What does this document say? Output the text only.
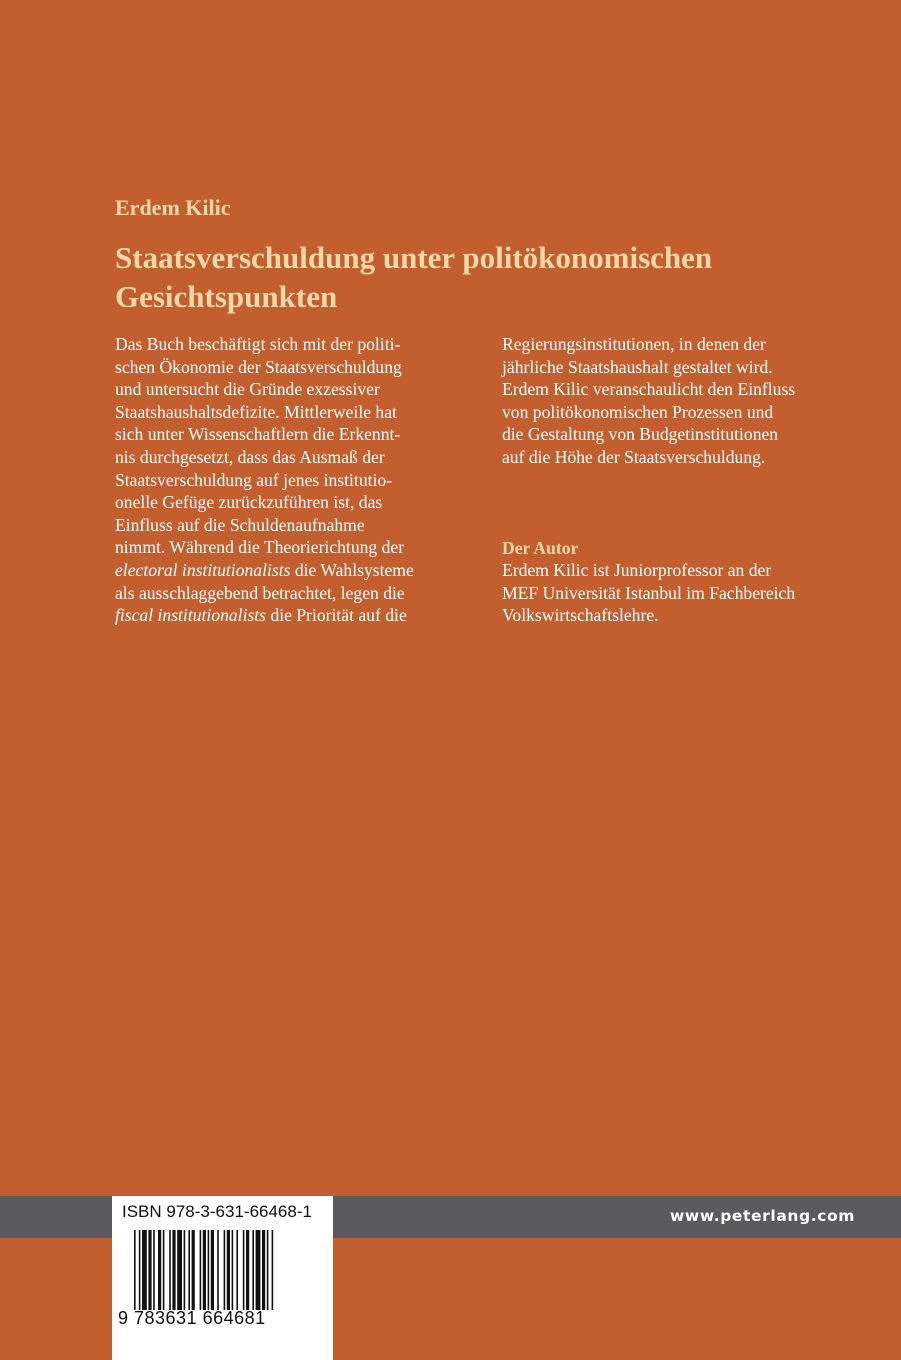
Erdem Kilic
Staatsverschuldung unter politökonomischen
Gesichtspunkten
Das Buch beschäftigt sich mit der politi-
schen Ökonomie der Staatsverschuldung
und untersucht die Gründe exzessiver
Staatshaushaltsdefizite. Mittlerweile hat
sich unter Wissenschaftlern die Erkennt-
nis durchgesetzt, dass das Ausmaß der
Staatsverschuldung auf jenes institutio-
onelle Gefüge zurückzuführen ist, das
Einfluss auf die Schuldenaufnahme
nimmt. Während die Theorierichtung der
electoral institutionalists die Wahlsysteme
als ausschlaggebend betrachtet, legen die
fiscal institutionalists die Priorität auf die
Regierungsinstitutionen, in denen der
jährliche Staatshaushalt gestaltet wird.
Erdem Kilic veranschaulicht den Einfluss
von politökonomischen Prozessen und
die Gestaltung von Budgetinstitutionen
auf die Höhe der Staatsverschuldung.
Der Autor
Erdem Kilic ist Juniorprofessor an der
MEF Universität Istanbul im Fachbereich
Volkswirtschaftslehre.
www.peterlang.com
ISBN 978-3-631-66468-1
9 783631 664681
